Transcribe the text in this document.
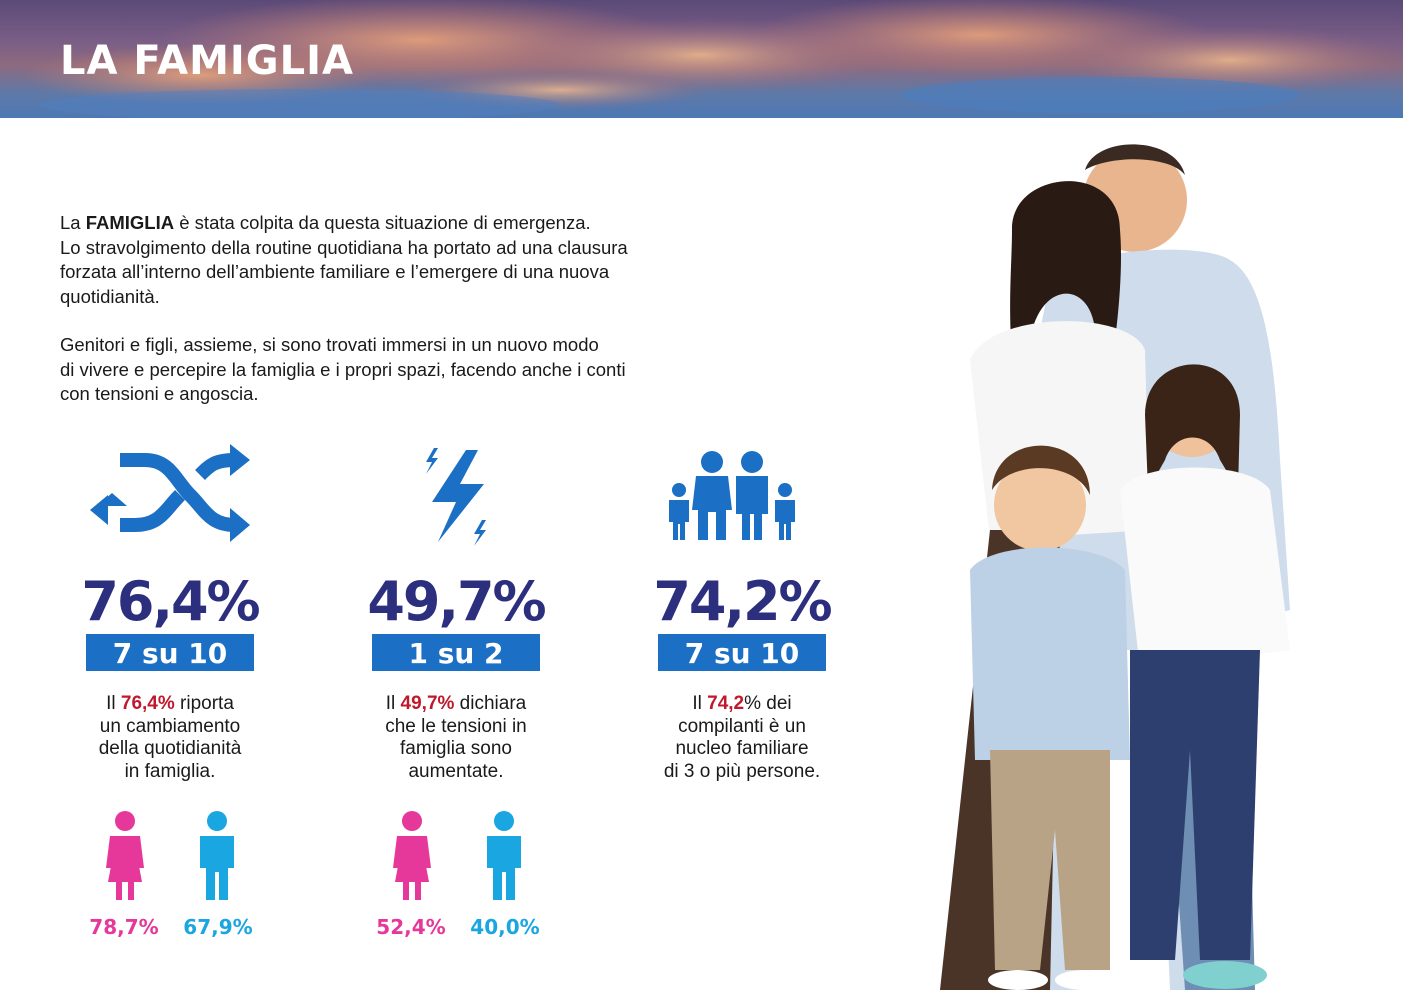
LA FAMIGLIA

La FAMIGLIA è stata colpita da questa situazione di emergenza.
Lo stravolgimento della routine quotidiana ha portato ad una clausura
forzata all’interno dell’ambiente familiare e l’emergere di una nuova
quotidianità.

Genitori e figli, assieme, si sono trovati immersi in un nuovo modo
di vivere e percepire la famiglia e i propri spazi, facendo anche i conti
con tensioni e angoscia.

76,4%
7 su 10
Il 76,4% riporta
un cambiamento
della quotidianità
in famiglia.
78,7%	67,9%
49,7%
1 su 2
Il 49,7% dichiara
che le tensioni in
famiglia sono
aumentate.
52,4%	40,0%
74,2%
7 su 10
Il 74,2% dei
compilanti è un
nucleo familiare
di 3 o più persone.
